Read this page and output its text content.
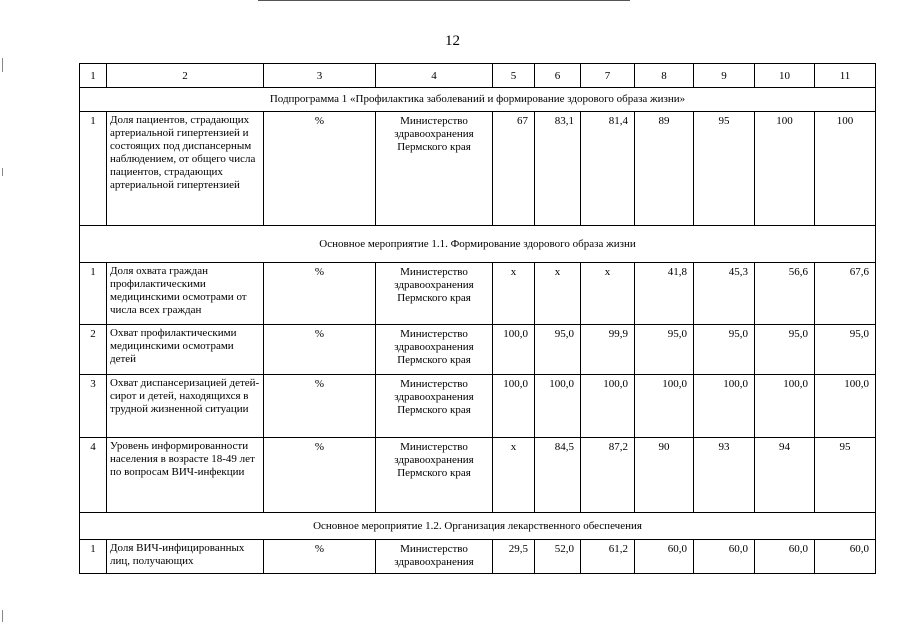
12
1	2	3	4	5	6	7	8	9	10	11
Подпрограмма 1 «Профилактика заболеваний и формирование здорового образа жизни»										
1	Доля пациентов, страдающих артериальной гипертензией и состоящих под диспансерным наблюдением, от общего числа пациентов, страдающих артериальной гипертензией	%	Министерство здравоохранения Пермского края	67	83,1	81,4	89	95	100	100
Основное мероприятие 1.1. Формирование здорового образа жизни										
1	Доля охвата граждан профилактическими медицинскими осмотрами от числа всех граждан	%	Министерство здравоохранения Пермского края	х	х	х	41,8	45,3	56,6	67,6
2	Охват профилактическими медицинскими осмотрами детей	%	Министерство здравоохранения Пермского края	100,0	95,0	99,9	95,0	95,0	95,0	95,0
3	Охват диспансеризацией детей-сирот и детей, находящихся в трудной жизненной ситуации	%	Министерство здравоохранения Пермского края	100,0	100,0	100,0	100,0	100,0	100,0	100,0
4	Уровень информированности населения в возрасте 18-49 лет по вопросам ВИЧ-инфекции	%	Министерство здравоохранения Пермского края	х	84,5	87,2	90	93	94	95
Основное мероприятие 1.2. Организация лекарственного обеспечения										
1	Доля ВИЧ-инфицированных лиц, получающих	%	Министерство здравоохранения	29,5	52,0	61,2	60,0	60,0	60,0	60,0
